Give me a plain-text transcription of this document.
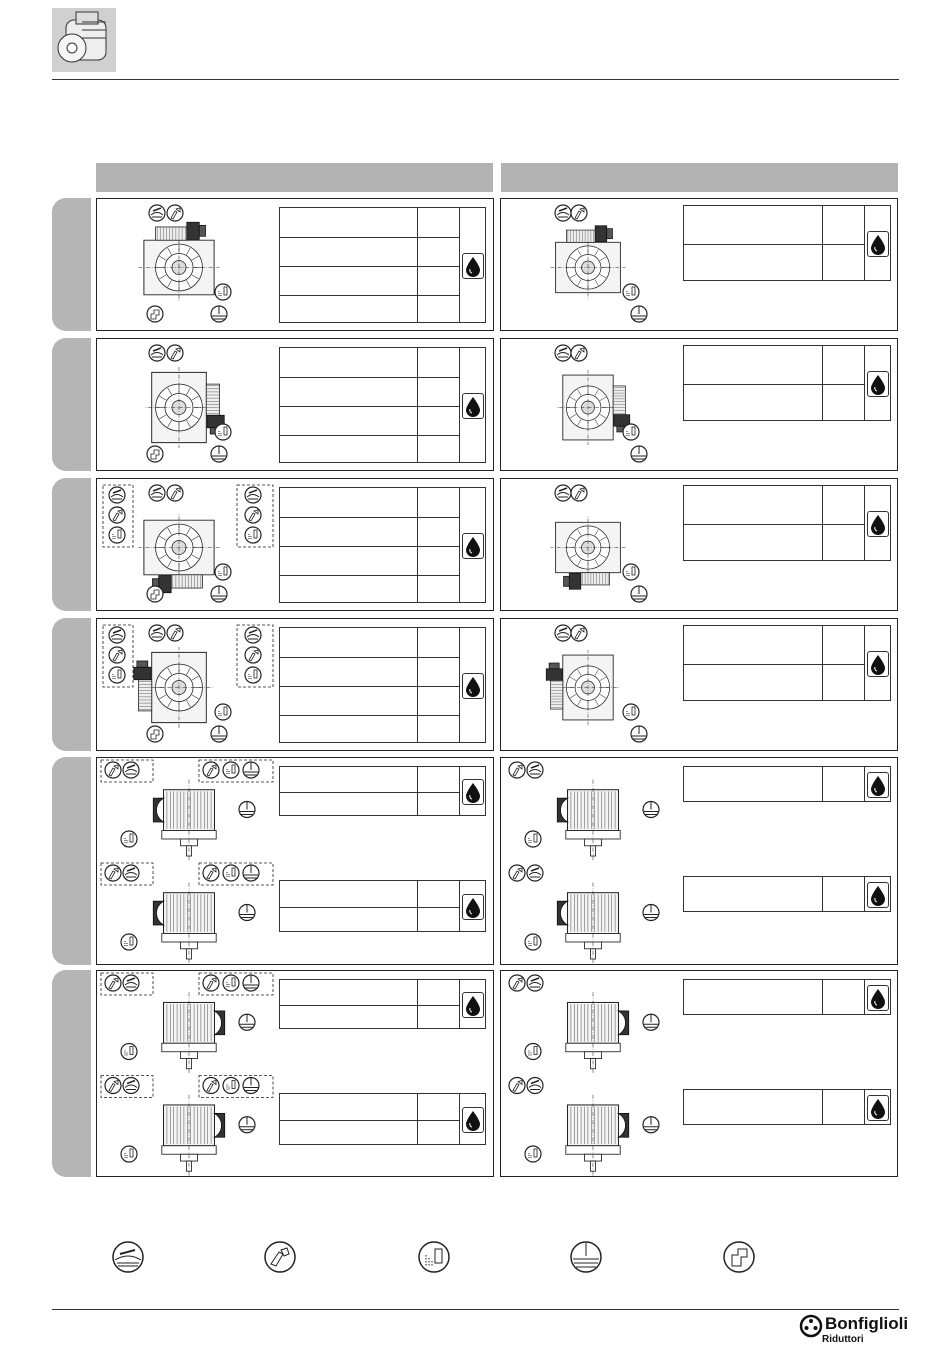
Bonfiglioli
Riduttori
